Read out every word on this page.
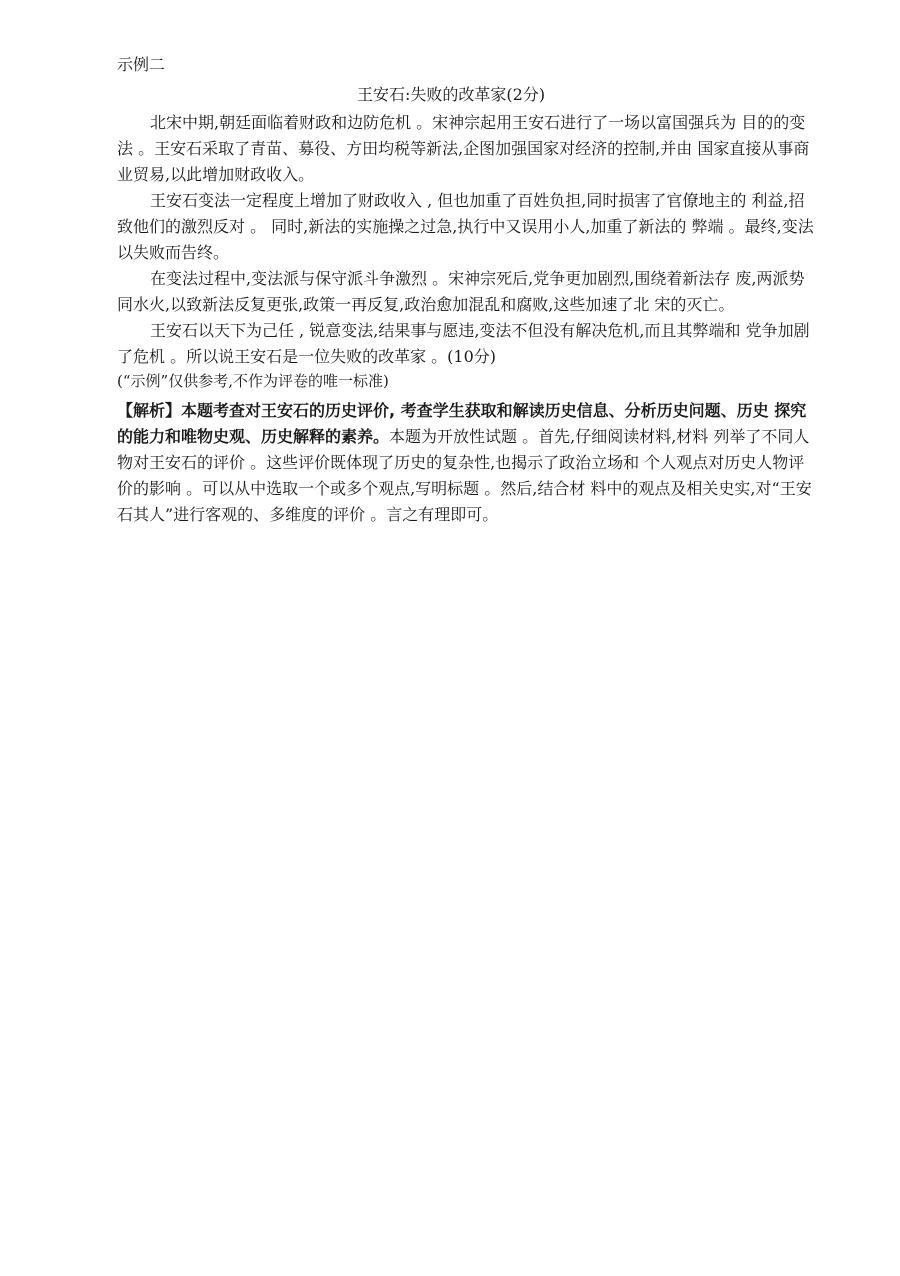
示例二

王安石:失败的改革家(2分)

北宋中期,朝廷面临着财政和边防危机 。宋神宗起用王安石进行了一场以富国强兵为 目的的变法 。王安石采取了青苗、募役、方田均税等新法,企图加强国家对经济的控制,并由 国家直接从事商业贸易,以此增加财政收入。

王安石变法一定程度上增加了财政收入 , 但也加重了百姓负担,同时损害了官僚地主的 利益,招致他们的激烈反对 。 同时,新法的实施操之过急,执行中又误用小人,加重了新法的 弊端 。最终,变法以失败而告终。

在变法过程中,变法派与保守派斗争激烈 。宋神宗死后,党争更加剧烈,围绕着新法存 废,两派势同水火,以致新法反复更张,政策一再反复,政治愈加混乱和腐败,这些加速了北 宋的灭亡。

王安石以天下为己任 , 锐意变法,结果事与愿违,变法不但没有解决危机,而且其弊端和 党争加剧了危机 。所以说王安石是一位失败的改革家 。(10分)

(“示例”仅供参考,不作为评卷的唯一标准)

【解析】本题考查对王安石的历史评价, 考查学生获取和解读历史信息、分析历史问题、历史 探究的能力和唯物史观、历史解释的素养。本题为开放性试题 。首先,仔细阅读材料,材料 列举了不同人物对王安石的评价 。这些评价既体现了历史的复杂性,也揭示了政治立场和 个人观点对历史人物评价的影响 。可以从中选取一个或多个观点,写明标题 。然后,结合材 料中的观点及相关史实,对“王安石其人”进行客观的、多维度的评价 。言之有理即可。
